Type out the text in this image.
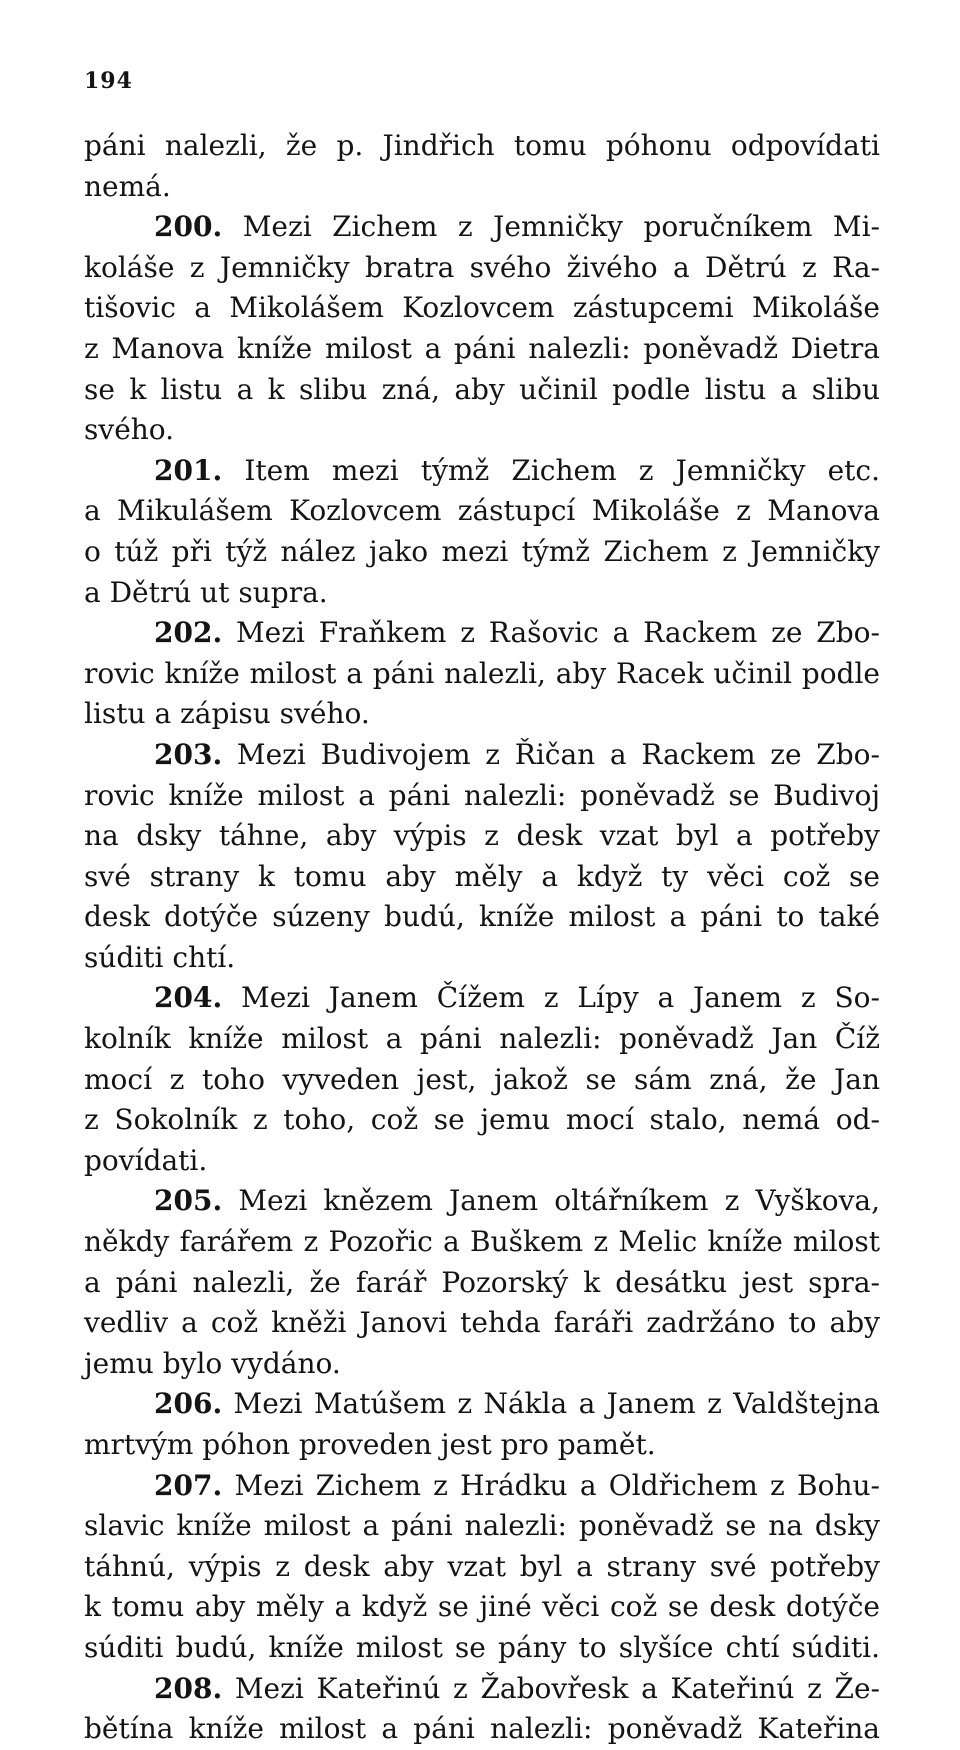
194
páni nalezli, že p. Jindřich tomu póhonu odpovídati
nemá.
200. Mezi Zichem z Jemničky poručníkem Mi-
koláše z Jemničky bratra svého živého a Dětrú z Ra-
tišovic a Mikolášem Kozlovcem zástupcemi Mikoláše
z Manova kníže milost a páni nalezli: poněvadž Dietra
se k listu a k slibu zná, aby učinil podle listu a slibu
svého.
201. Item mezi týmž Zichem z Jemničky etc.
a Mikulášem Kozlovcem zástupcí Mikoláše z Manova
o túž při týž nález jako mezi týmž Zichem z Jemničky
a Dětrú ut supra.
202. Mezi Fraňkem z Rašovic a Rackem ze Zbo-
rovic kníže milost a páni nalezli, aby Racek učinil podle
listu a zápisu svého.
203. Mezi Budivojem z Řičan a Rackem ze Zbo-
rovic kníže milost a páni nalezli: poněvadž se Budivoj
na dsky táhne, aby výpis z desk vzat byl a potřeby
své strany k tomu aby měly a když ty věci což se
desk dotýče súzeny budú, kníže milost a páni to také
súditi chtí.
204. Mezi Janem Čížem z Lípy a Janem z So-
kolník kníže milost a páni nalezli: poněvadž Jan Číž
mocí z toho vyveden jest, jakož se sám zná, že Jan
z Sokolník z toho, což se jemu mocí stalo, nemá od-
povídati.
205. Mezi knězem Janem oltářníkem z Vyškova,
někdy farářem z Pozořic a Buškem z Melic kníže milost
a páni nalezli, že farář Pozorský k desátku jest spra-
vedliv a což kněži Janovi tehda faráři zadržáno to aby
jemu bylo vydáno.
206. Mezi Matúšem z Nákla a Janem z Valdštejna
mrtvým póhon proveden jest pro pamět.
207. Mezi Zichem z Hrádku a Oldřichem z Bohu-
slavic kníže milost a páni nalezli: poněvadž se na dsky
táhnú, výpis z desk aby vzat byl a strany své potřeby
k tomu aby měly a když se jiné věci což se desk dotýče
súditi budú, kníže milost se pány to slyšíce chtí súditi.
208. Mezi Kateřinú z Žabovřesk a Kateřinú z Že-
bětína kníže milost a páni nalezli: poněvadž Kateřina
